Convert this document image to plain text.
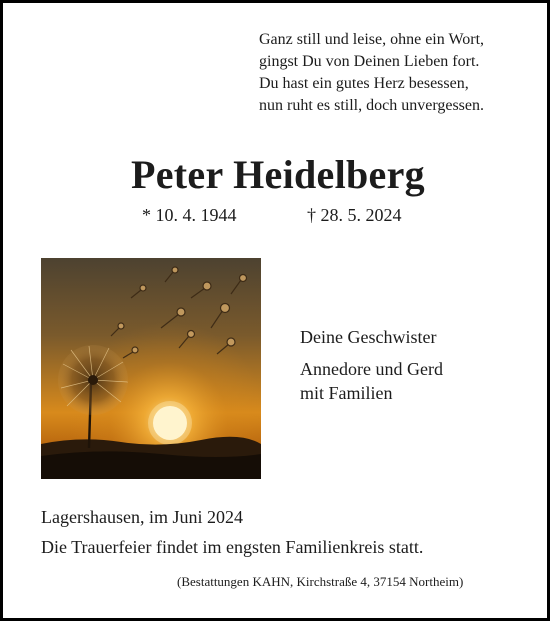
Ganz still und leise, ohne ein Wort,
gingst Du von Deinen Lieben fort.
Du hast ein gutes Herz besessen,
nun ruht es still, doch unvergessen.
Peter Heidelberg
* 10. 4. 1944	† 28. 5. 2024
Deine Geschwister
Annedore und Gerd
mit Familien
Lagershausen, im Juni 2024
Die Trauerfeier findet im engsten Familienkreis statt.
(Bestattungen KAHN, Kirchstraße 4, 37154 Northeim)
